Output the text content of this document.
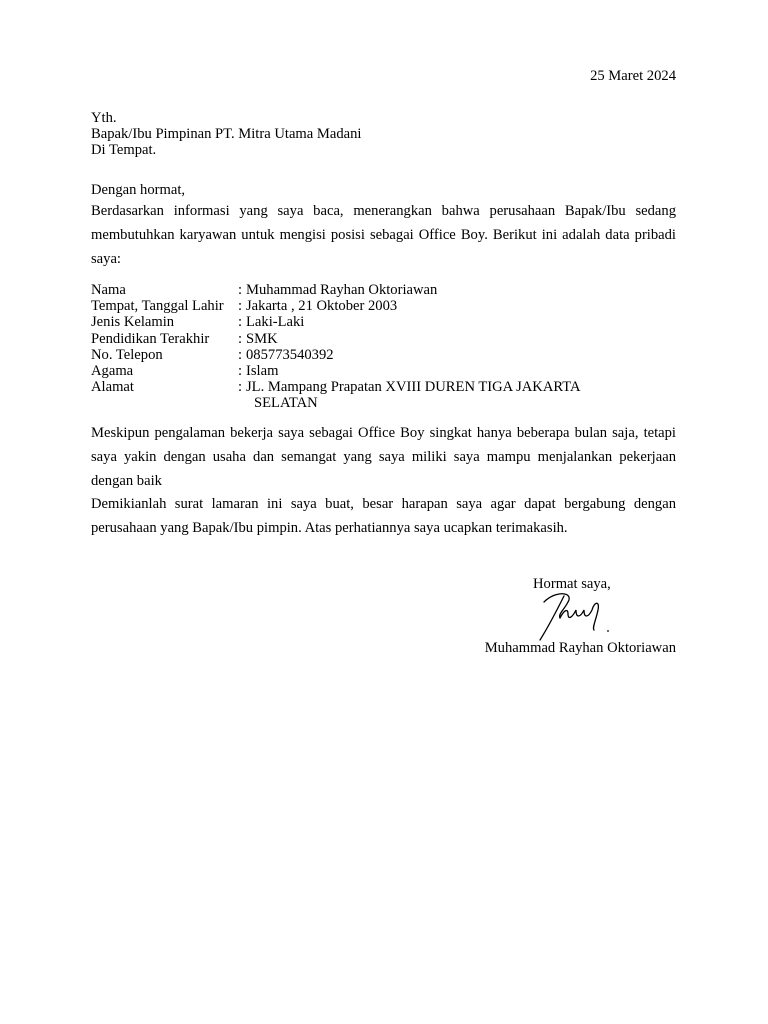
25 Maret 2024
Yth.
Bapak/Ibu Pimpinan PT. Mitra Utama Madani
Di Tempat.
Dengan hormat,
Berdasarkan informasi yang saya baca, menerangkan bahwa perusahaan Bapak/Ibu sedang membutuhkan karyawan untuk mengisi posisi sebagai Office Boy. Berikut ini adalah data pribadi saya:
Nama	: Muhammad Rayhan Oktoriawan
Tempat, Tanggal Lahir : Jakarta , 21 Oktober 2003
Jenis Kelamin	: Laki-Laki
Pendidikan Terakhir	: SMK
No. Telepon	: 085773540392
Agama	: Islam
Alamat	: JL. Mampang Prapatan XVIII DUREN TIGA JAKARTA
SELATAN
Meskipun pengalaman bekerja saya sebagai Office Boy singkat hanya beberapa bulan saja, tetapi saya yakin dengan usaha dan semangat yang saya miliki saya mampu menjalankan pekerjaan dengan baik
Demikianlah surat lamaran ini saya buat, besar harapan saya agar dapat bergabung dengan perusahaan yang Bapak/Ibu pimpin. Atas perhatiannya saya ucapkan terimakasih.
Hormat saya,
Muhammad Rayhan Oktoriawan
